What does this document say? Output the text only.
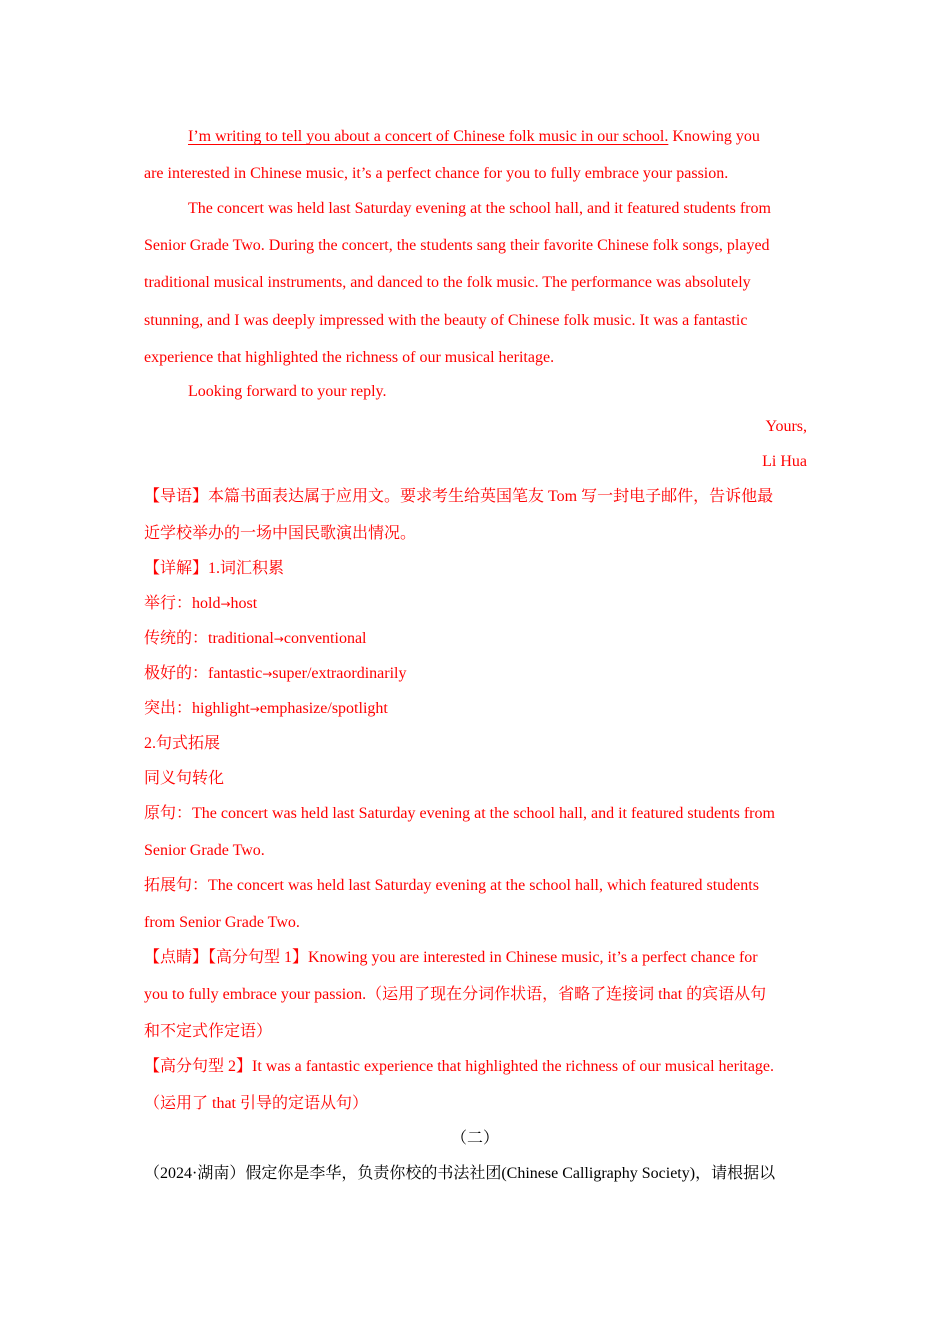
I’m writing to tell you about a concert of Chinese folk music in our school. Knowing you
are interested in Chinese music, it’s a perfect chance for you to fully embrace your passion.
The concert was held last Saturday evening at the school hall, and it featured students from
Senior Grade Two. During the concert, the students sang their favorite Chinese folk songs, played
traditional musical instruments, and danced to the folk music. The performance was absolutely
stunning, and I was deeply impressed with the beauty of Chinese folk music. It was a fantastic
experience that highlighted the richness of our musical heritage.
Looking forward to your reply.
Yours,
Li Hua
【导语】本篇书面表达属于应用文。要求考生给英国笔友 Tom 写一封电子邮件，告诉他最
近学校举办的一场中国民歌演出情况。
【详解】1.词汇积累
举行：hold→host
传统的：traditional→conventional
极好的：fantastic→super/extraordinarily
突出：highlight→emphasize/spotlight
2.句式拓展
同义句转化
原句：The concert was held last Saturday evening at the school hall, and it featured students from
Senior Grade Two.
拓展句：The concert was held last Saturday evening at the school hall, which featured students
from Senior Grade Two.
【点睛】【高分句型 1】Knowing you are interested in Chinese music, it’s a perfect chance for
you to fully embrace your passion.（运用了现在分词作状语，省略了连接词 that 的宾语从句
和不定式作定语）
【高分句型 2】It was a fantastic experience that highlighted the richness of our musical heritage.
（运用了 that 引导的定语从句）
（二）
（2024·湖南）假定你是李华，负责你校的书法社团(Chinese Calligraphy Society)，请根据以
